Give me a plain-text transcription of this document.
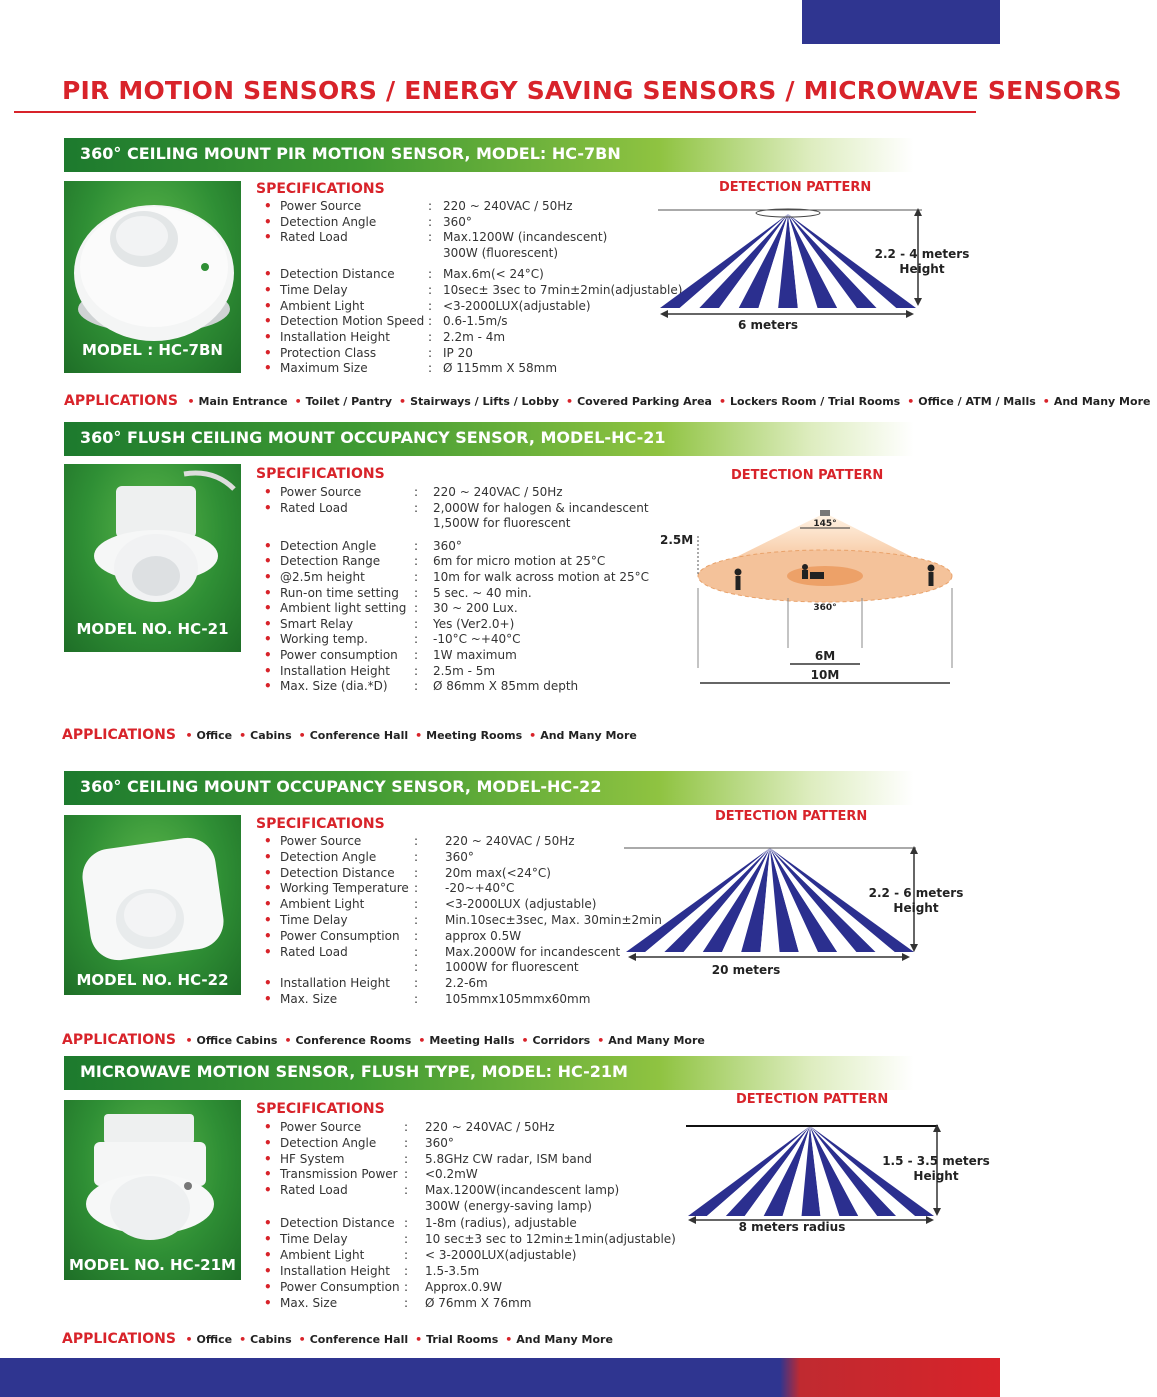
PIR MOTION SENSORS / ENERGY SAVING SENSORS / MICROWAVE SENSORS
360° CEILING MOUNT PIR MOTION SENSOR, MODEL: HC-7BN
MODEL : HC-7BN
SPECIFICATIONS
• Power Source	: 220 ~ 240VAC / 50Hz
• Detection Angle	: 360°
• Rated Load	: Max.1200W (incandescent)
300W (fluorescent)
• Detection Distance	: Max.6m(< 24°C)
• Time Delay	: 10sec± 3sec to 7min±2min(adjustable)
• Ambient Light	: <3-2000LUX(adjustable)
• Detection Motion Speed : 0.6-1.5m/s
• Installation Height	: 2.2m - 4m
• Protection Class	: IP 20
• Maximum Size	: Ø 115mm X 58mm
DETECTION PATTERN
2.2 - 4 meters
Height
6 meters
APPLICATIONS • Main Entrance • Toilet / Pantry • Stairways / Lifts / Lobby • Covered Parking Area • Lockers Room / Trial Rooms • Office / ATM / Malls • And Many More
360° FLUSH CEILING MOUNT OCCUPANCY SENSOR, MODEL-HC-21
MODEL NO. HC-21
SPECIFICATIONS
• Power Source	: 220 ~ 240VAC / 50Hz
• Rated Load	: 2,000W for halogen & incandescent
1,500W for fluorescent
• Detection Angle	: 360°
• Detection Range	: 6m for micro motion at 25°C
• @2.5m height	: 10m for walk across motion at 25°C
• Run-on time setting : 5 sec. ~ 40 min.
• Ambient light setting : 30 ~ 200 Lux.
• Smart Relay	: Yes (Ver2.0+)
• Working temp.	: -10°C ~+40°C
• Power consumption : 1W maximum
• Installation Height : 2.5m - 5m
• Max. Size (dia.*D) : Ø 86mm X 85mm depth
DETECTION PATTERN
2.5M
145°
360°
6M
10M
APPLICATIONS • Office • Cabins • Conference Hall • Meeting Rooms • And Many More
360° CEILING MOUNT OCCUPANCY SENSOR, MODEL-HC-22
MODEL NO. HC-22
SPECIFICATIONS
• Power Source	: 220 ~ 240VAC / 50Hz
• Detection Angle	: 360°
• Detection Distance : 20m max(<24°C)
• Working Temperature : -20~+40°C
• Ambient Light	: <3-2000LUX (adjustable)
• Time Delay	: Min.10sec±3sec, Max. 30min±2min
• Power Consumption : approx 0.5W
• Rated Load	: Max.2000W for incandescent
: 1000W for fluorescent
• Installation Height : 2.2-6m
• Max. Size	: 105mmx105mmx60mm
DETECTION PATTERN
2.2 - 6 meters
Height
20 meters
APPLICATIONS • Office Cabins • Conference Rooms • Meeting Halls • Corridors • And Many More
MICROWAVE MOTION SENSOR, FLUSH TYPE, MODEL: HC-21M
MODEL NO. HC-21M
SPECIFICATIONS
• Power Source	: 220 ~ 240VAC / 50Hz
• Detection Angle : 360°
• HF System	: 5.8GHz CW radar, ISM band
• Transmission Power : <0.2mW
• Rated Load	: Max.1200W(incandescent lamp)
300W (energy-saving lamp)
• Detection Distance : 1-8m (radius), adjustable
• Time Delay	: 10 sec±3 sec to 12min±1min(adjustable)
• Ambient Light	: < 3-2000LUX(adjustable)
• Installation Height : 1.5-3.5m
• Power Consumption : Approx.0.9W
• Max. Size	: Ø 76mm X 76mm
DETECTION PATTERN
1.5 - 3.5 meters
Height
8 meters radius
APPLICATIONS • Office • Cabins • Conference Hall • Trial Rooms • And Many More
